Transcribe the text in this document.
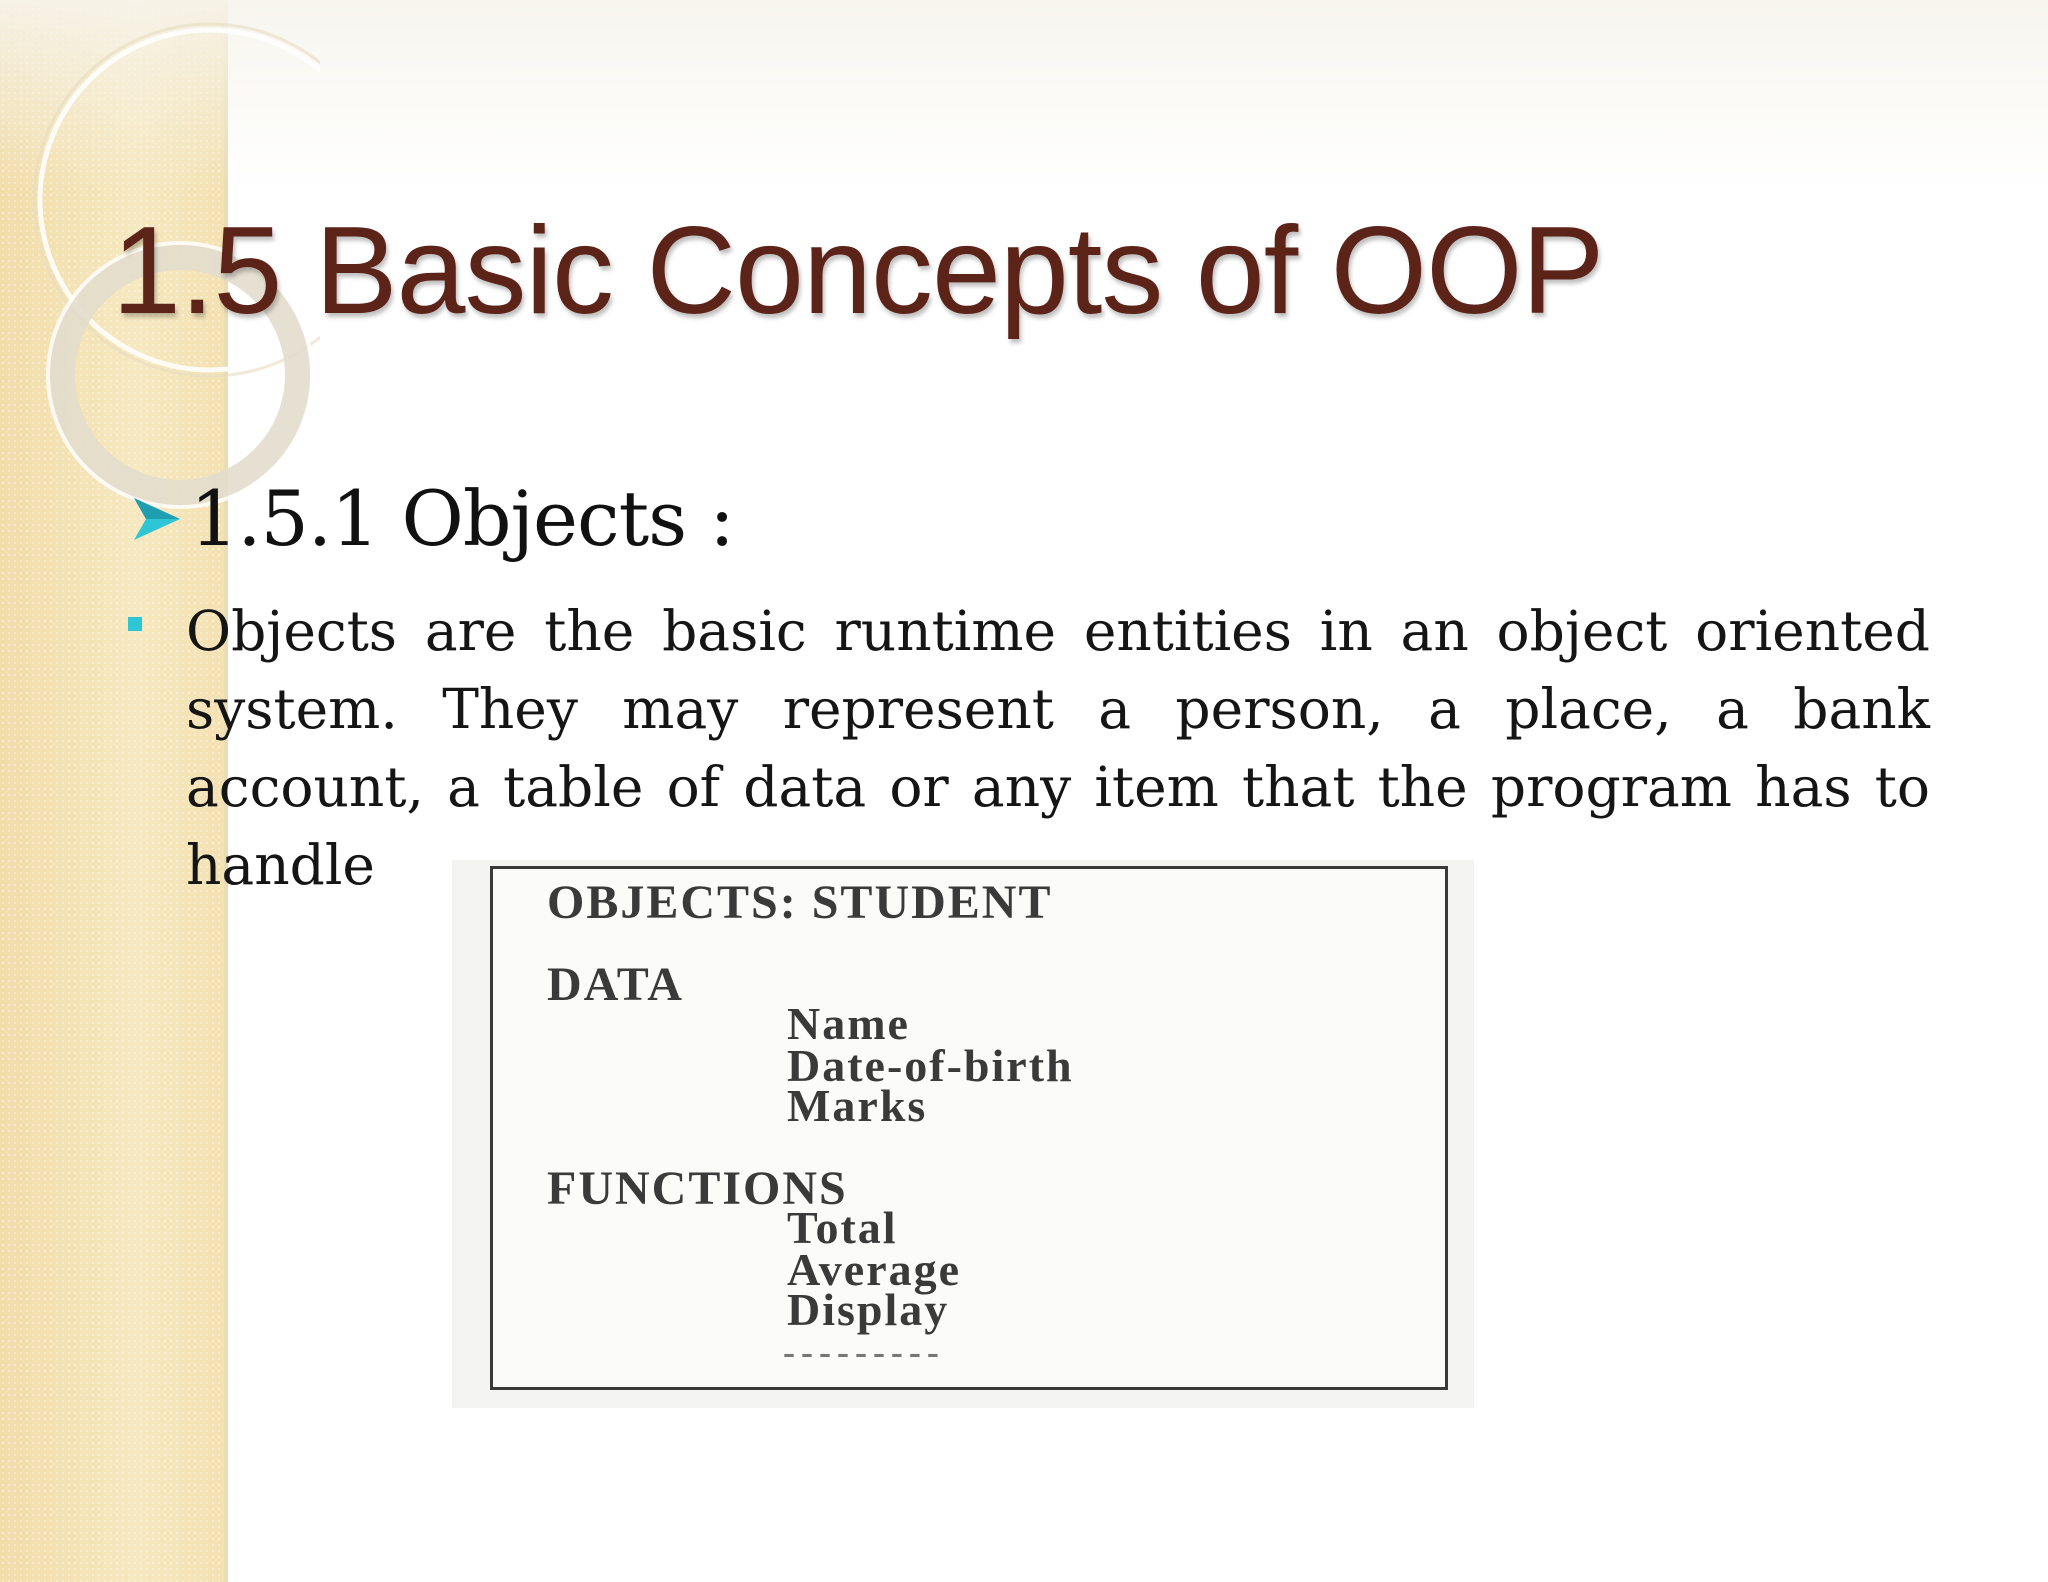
1.5 Basic Concepts of OOP
1.5.1 Objects :

Objects are the basic runtime entities in an object oriented system. They may represent a person, a place, a bank account, a table of data or any item that the program has to handle

OBJECTS: STUDENT
DATA
Name
Date-of-birth
Marks
FUNCTIONS
Total
Average
Display
---------
